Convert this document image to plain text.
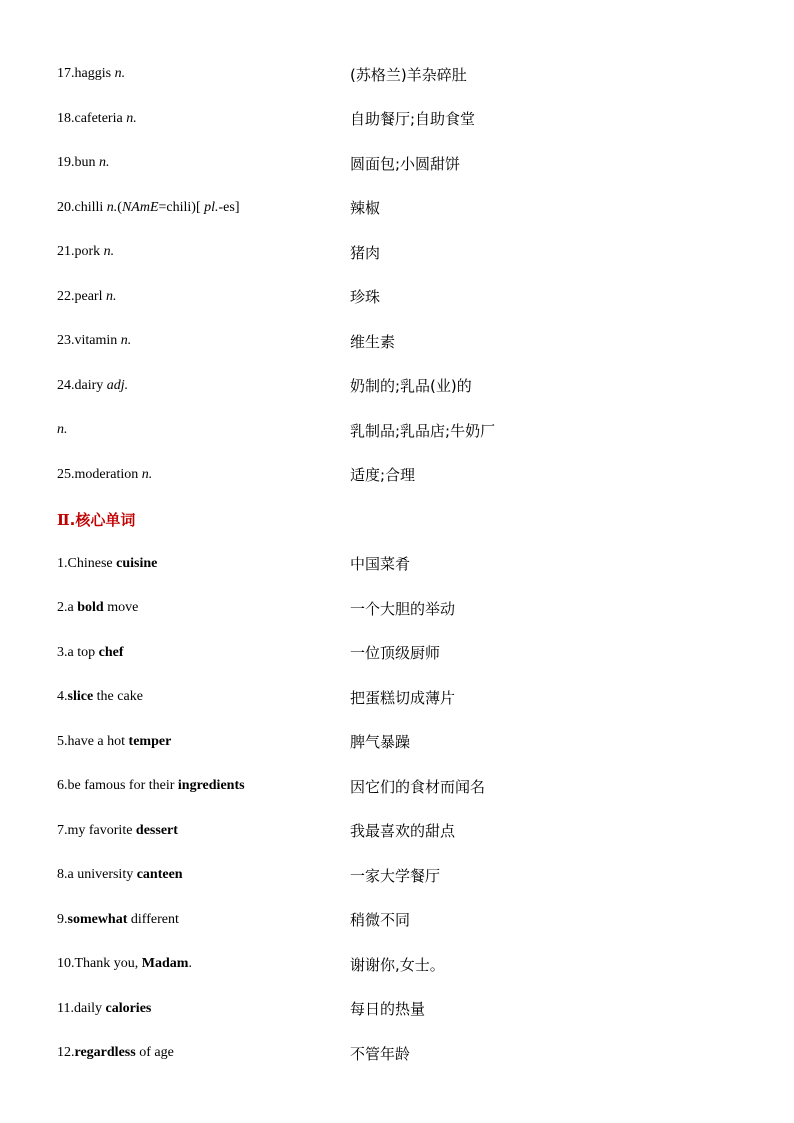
17.haggis n.	(苏格兰)羊杂碎肚
18.cafeteria n.	自助餐厅;自助食堂
19.bun n.	圆面包;小圆甜饼
20.chilli n.(NAmE=chili)[ pl.-es]	辣椒
21.pork n.	猪肉
22.pearl n.	珍珠
23.vitamin n.	维生素
24.dairy adj.	奶制的;乳品(业)的
n.	乳制品;乳品店;牛奶厂
25.moderation n.	适度;合理
Ⅱ.核心单词
1.Chinese cuisine	中国菜肴
2.a bold move	一个大胆的举动
3.a top chef	一位顶级厨师
4.slice the cake	把蛋糕切成薄片
5.have a hot temper	脾气暴躁
6.be famous for their ingredients	因它们的食材而闻名
7.my favorite dessert	我最喜欢的甜点
8.a university canteen	一家大学餐厅
9.somewhat different	稍微不同
10.Thank you, Madam.	谢谢你,女士。
11.daily calories	每日的热量
12.regardless of age	不管年龄
